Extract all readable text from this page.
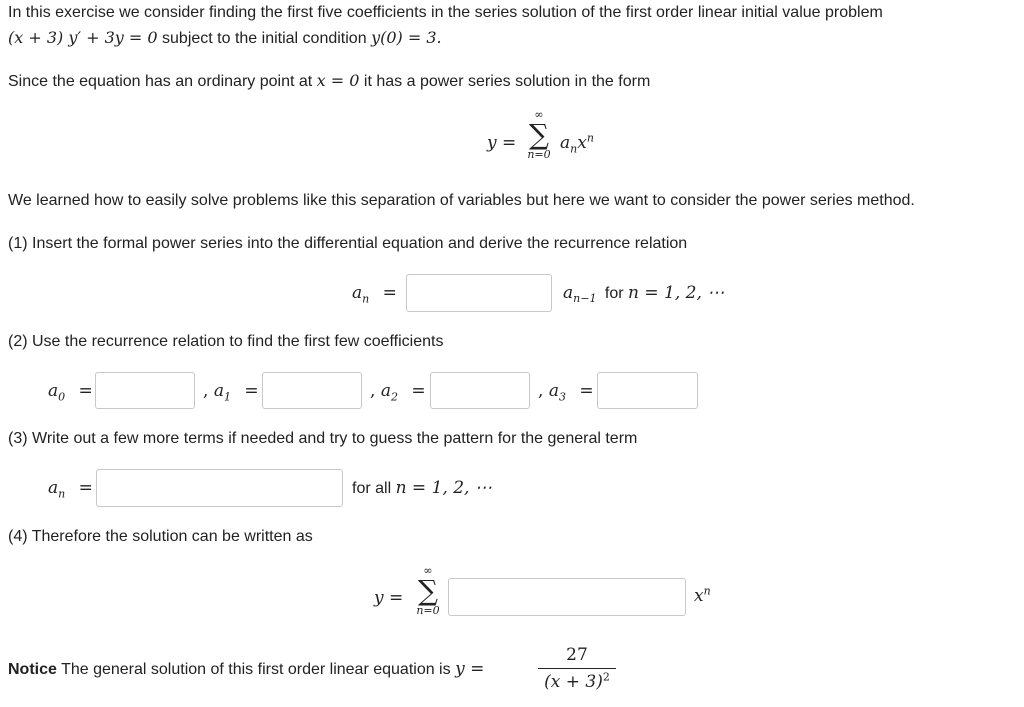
In this exercise we consider finding the first five coefficients in the series solution of the first order linear initial value problem
(x + 3) y′ + 3y = 0 subject to the initial condition y(0) = 3.
Since the equation has an ordinary point at x = 0 it has a power series solution in the form
y =
∞
∑
n=0
$a_nx^n$
We learned how to easily solve problems like this separation of variables but here we want to consider the power series method.
(1) Insert the formal power series into the differential equation and derive the recurrence relation
$a_n$ =	$a_{n-1}$ for n = 1, 2, ⋯
(2) Use the recurrence relation to find the first few coefficients
$a_0$ =	, $a_1$ =	, $a_2$ =	, $a_3$ =
(3) Write out a few more terms if needed and try to guess the pattern for the general term
$a_n$ =	for all n = 1, 2, ⋯
(4) Therefore the solution can be written as
y =
∞
∑
n=0
$x^n$
Notice The general solution of this first order linear equation is y =
27
$(x + 3)^2$
